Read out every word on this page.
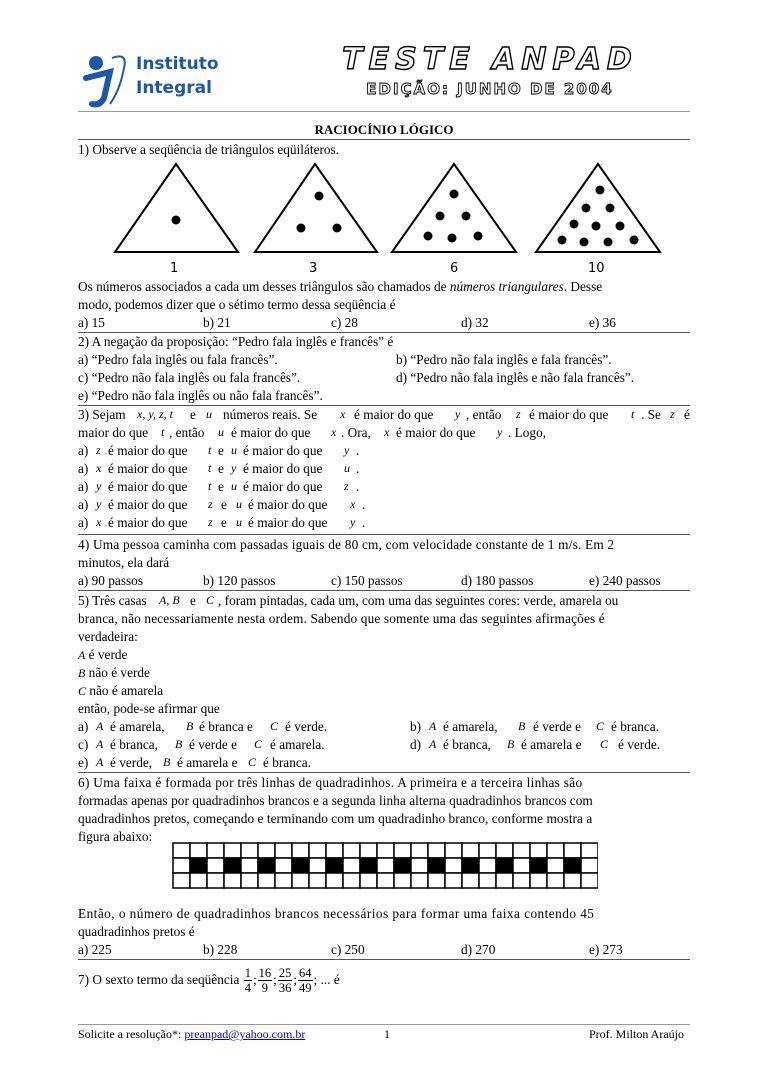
Instituto
Integral
TESTE ANPAD
EDIÇÃO: JUNHO DE 2004
RACIOCÍNIO LÓGICO
1) Observe a seqüência de triângulos eqüiláteros.
1	3	6	10
Os números associados a cada um desses triângulos são chamados de números triangulares. Desse
modo, podemos dizer que o sétimo termo dessa seqüência é
a) 15	b) 21	c) 28	d) 32	e) 36
2) A negação da proposição: “Pedro fala inglês e francês” é
a) “Pedro fala inglês ou fala francês”.	b) “Pedro não fala inglês e fala francês”.
c) “Pedro não fala inglês ou fala francês”.	d) “Pedro não fala inglês e não fala francês”.
e) “Pedro não fala inglês ou não fala francês”.
3) Sejam x, y, z, t e u números reais. Se x é maior do que y , então z é maior do que t . Se z é
maior do que t , então u é maior do que x . Ora, x é maior do que y . Logo,
a) z é maior do que t e u é maior do que y .
a) x é maior do que t e y é maior do que u .
a) y é maior do que t e u é maior do que z .
a) y é maior do que z e u é maior do que x .
a) x é maior do que z e u é maior do que y .
4) Uma pessoa caminha com passadas iguais de 80 cm, com velocidade constante de 1 m/s. Em 2
minutos, ela dará
a) 90 passos	b) 120 passos	c) 150 passos	d) 180 passos	e) 240 passos
5) Três casas A, B e C , foram pintadas, cada um, com uma das seguintes cores: verde, amarela ou
branca, não necessariamente nesta ordem. Sabendo que somente uma das seguintes afirmações é
verdadeira:
A é verde
B não é verde
C não é amarela
então, pode-se afirmar que
a) A é amarela, B é branca e C é verde.	b) A é amarela, B é verde e C é branca.
c) A é branca, B é verde e C é amarela.	d) A é branca, B é amarela e C é verde.
e) A é verde, B é amarela e C é branca.
6) Uma faixa é formada por três linhas de quadradinhos. A primeira e a terceira linhas são
formadas apenas por quadradinhos brancos e a segunda linha alterna quadradinhos brancos com
quadradinhos pretos, começando e terminando com um quadradinho branco, conforme mostra a
figura abaixo:
Então, o número de quadradinhos brancos necessários para formar uma faixa contendo 45
quadradinhos pretos é
a) 225	b) 228	c) 250	d) 270	e) 273
7) O sexto termo da seqüência
$\frac{1}{4}$ ; $\frac{16}{9}$ ; $\frac{25}{36}$ ; $\frac{64}{49}$ ; ... é
Solicite a resolução*: preanpad@yahoo.com.br	1	Prof. Milton Araújo
